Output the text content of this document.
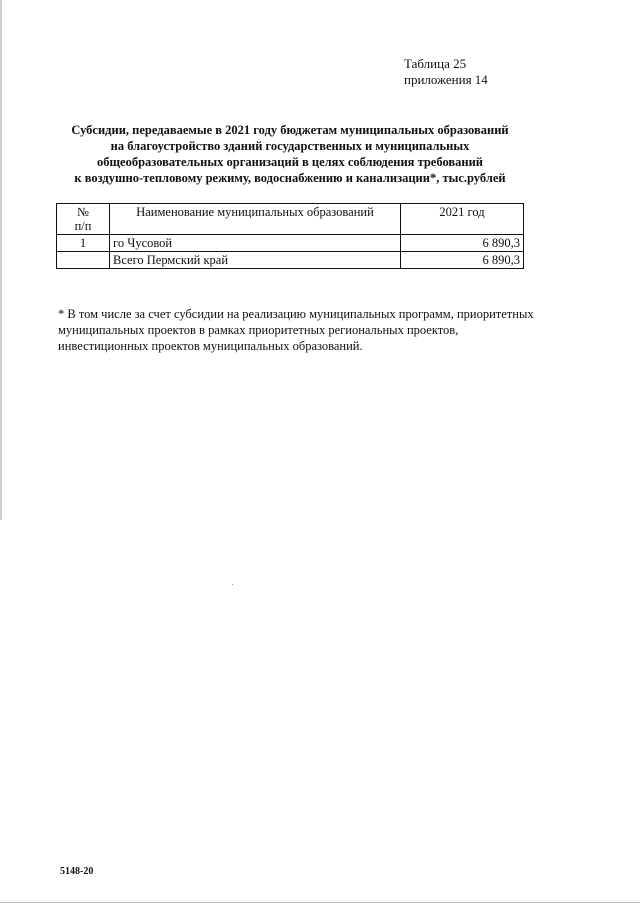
Таблица 25
приложения 14
Субсидии, передаваемые в 2021 году бюджетам муниципальных образований
на благоустройство зданий государственных и муниципальных
общеобразовательных организаций в целях соблюдения требований
к воздушно-тепловому режиму, водоснабжению и канализации*, тыс.рублей
№
п/п	Наименование муниципальных образований	2021 год
1	го Чусовой	6 890,3
	Всего Пермский край	6 890,3
* В том числе за счет субсидии на реализацию муниципальных программ, приоритетных
муниципальных проектов в рамках приоритетных региональных проектов,
инвестиционных проектов муниципальных образований.
5148-20
